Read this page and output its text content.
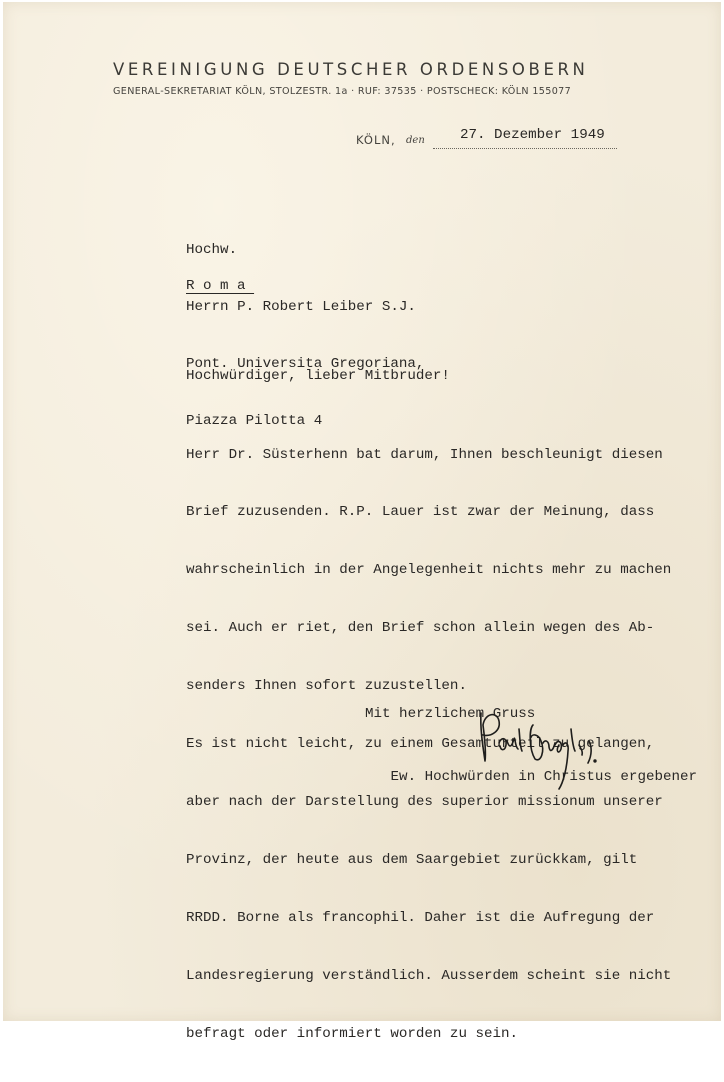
VEREINIGUNG DEUTSCHER ORDENSOBERN
GENERAL-SEKRETARIAT KÖLN, STOLZESTR. 1a · RUF: 37535 · POSTSCHECK: KÖLN 155077
KÖLN, den 27. Dezember 1949

Hochw.

Herrn P. Robert Leiber S.J.

Pont. Universita Gregoriana,

Piazza Pilotta 4

Roma
Hochwürdiger, lieber Mitbruder!

Herr Dr. Süsterhenn bat darum, Ihnen beschleunigt diesen

Brief zuzusenden. R.P. Lauer ist zwar der Meinung, dass

wahrscheinlich in der Angelegenheit nichts mehr zu machen

sei. Auch er riet, den Brief schon allein wegen des Ab-

senders Ihnen sofort zuzustellen.

Es ist nicht leicht, zu einem Gesamturteil zu gelangen,

aber nach der Darstellung des superior missionum unserer

Provinz, der heute aus dem Saargebiet zurückkam, gilt

RRDD. Borne als francophil. Daher ist die Aufregung der

Landesregierung verständlich. Ausserdem scheint sie nicht

befragt oder informiert worden zu sein.

Mit herzlichem Gruss

Ew. Hochwürden in Christus ergebener
